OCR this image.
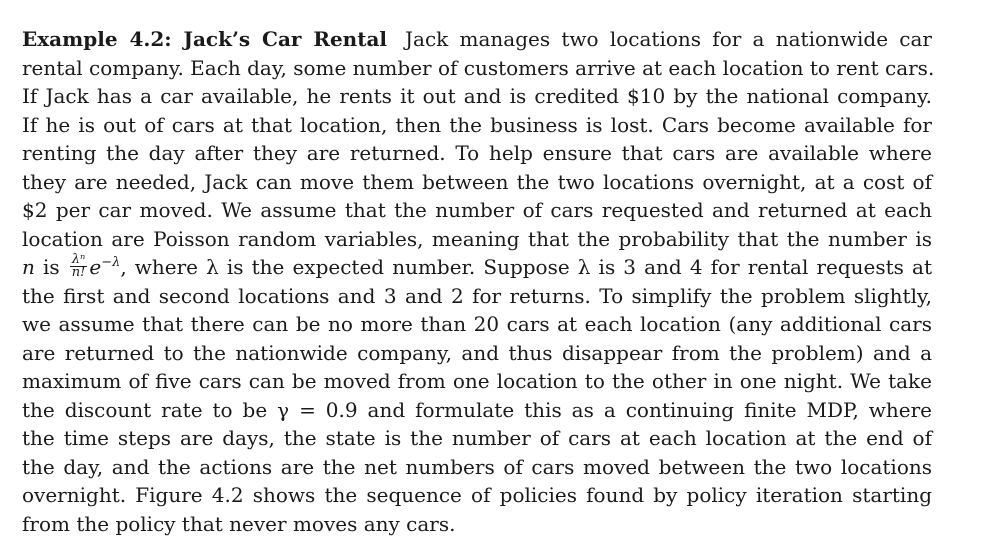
Example 4.2: Jack’s Car Rental Jack manages two locations for a nationwide car
rental company. Each day, some number of customers arrive at each location to rent cars.
If Jack has a car available, he rents it out and is credited $10 by the national company.
If he is out of cars at that location, then the business is lost. Cars become available for
renting the day after they are returned. To help ensure that cars are available where
they are needed, Jack can move them between the two locations overnight, at a cost of
$2 per car moved. We assume that the number of cars requested and returned at each
location are Poisson random variables, meaning that the probability that the number is
n is $\frac{\text{λⁿ}}{n!} e^{-\lambda}$, where λ is the expected number. Suppose λ is 3 and 4 for rental requests at
the first and second locations and 3 and 2 for returns. To simplify the problem slightly,
we assume that there can be no more than 20 cars at each location (any additional cars
are returned to the nationwide company, and thus disappear from the problem) and a
maximum of five cars can be moved from one location to the other in one night. We take
the discount rate to be γ = 0.9 and formulate this as a continuing finite MDP, where
the time steps are days, the state is the number of cars at each location at the end of
the day, and the actions are the net numbers of cars moved between the two locations
overnight. Figure 4.2 shows the sequence of policies found by policy iteration starting
from the policy that never moves any cars.
